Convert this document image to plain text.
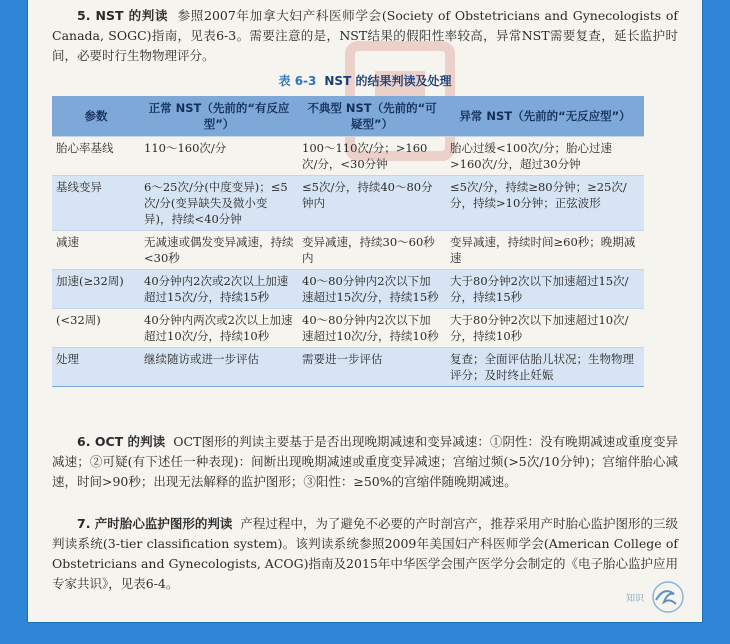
5. NST 的判读 参照2007年加拿大妇产科医师学会(Society of Obstetricians and Gynecologists of Canada, SOGC)指南，见表6-3。需要注意的是，NST结果的假阳性率较高，异常NST需要复查，延长监护时间，必要时行生物物理评分。
表 6-3 NST 的结果判读及处理
参数	正常 NST（先前的“有反应型”）	不典型 NST（先前的“可疑型”）	异常 NST（先前的“无反应型”）
胎心率基线	110～160次/分	100～110次/分；>160次/分，<30分钟	胎心过缓<100次/分；胎心过速>160次/分，超过30分钟
基线变异	6～25次/分(中度变异)；≤5次/分(变异缺失及微小变异)，持续<40分钟	≤5次/分，持续40～80分钟内	≤5次/分，持续≥80分钟；≥25次/分，持续>10分钟；正弦波形
减速	无减速或偶发变异减速，持续<30秒	变异减速，持续30～60秒内	变异减速，持续时间≥60秒；晚期减速
加速(≥32周)	40分钟内2次或2次以上加速超过15次/分，持续15秒	40～80分钟内2次以下加速超过15次/分，持续15秒	大于80分钟2次以下加速超过15次/分，持续15秒
(<32周)	40分钟内两次或2次以上加速超过10次/分，持续10秒	40～80分钟内2次以下加速超过10次/分，持续10秒	大于80分钟2次以下加速超过10次/分，持续10秒
处理	继续随访或进一步评估	需要进一步评估	复查；全面评估胎儿状况；生物物理评分；及时终止妊娠
6. OCT 的判读 OCT图形的判读主要基于是否出现晚期减速和变异减速：①阴性：没有晚期减速或重度变异减速；②可疑(有下述任一种表现)：间断出现晚期减速或重度变异减速；宫缩过频(>5次/10分钟)；宫缩伴胎心减速，时间>90秒；出现无法解释的监护图形；③阳性：≥50%的宫缩伴随晚期减速。
7. 产时胎心监护图形的判读 产程过程中，为了避免不必要的产时剖宫产，推荐采用产时胎心监护图形的三级判读系统(3-tier classification system)。该判读系统参照2009年美国妇产科医师学会(American College of Obstetricians and Gynecologists, ACOG)指南及2015年中华医学会围产医学分会制定的《电子胎心监护应用专家共识》，见表6-4。
知识
